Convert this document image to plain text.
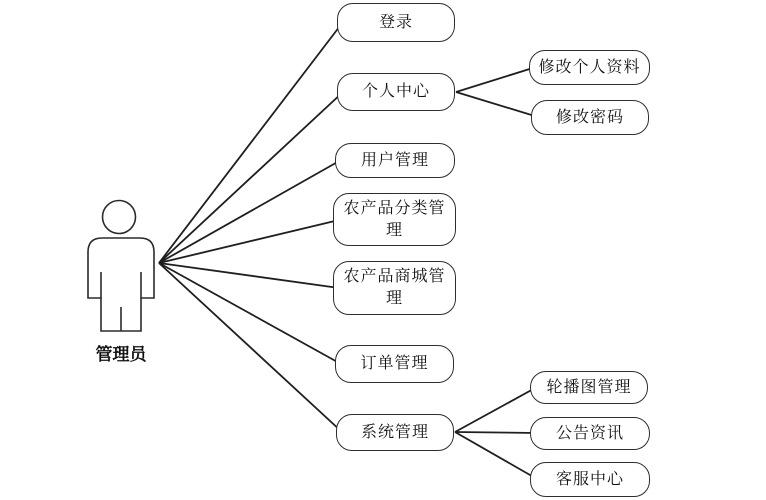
登录
个人中心
修改个人资料
修改密码
用户管理
农产品分类管理
农产品商城管理
订单管理
系统管理
轮播图管理
公告资讯
客服中心
管理员
